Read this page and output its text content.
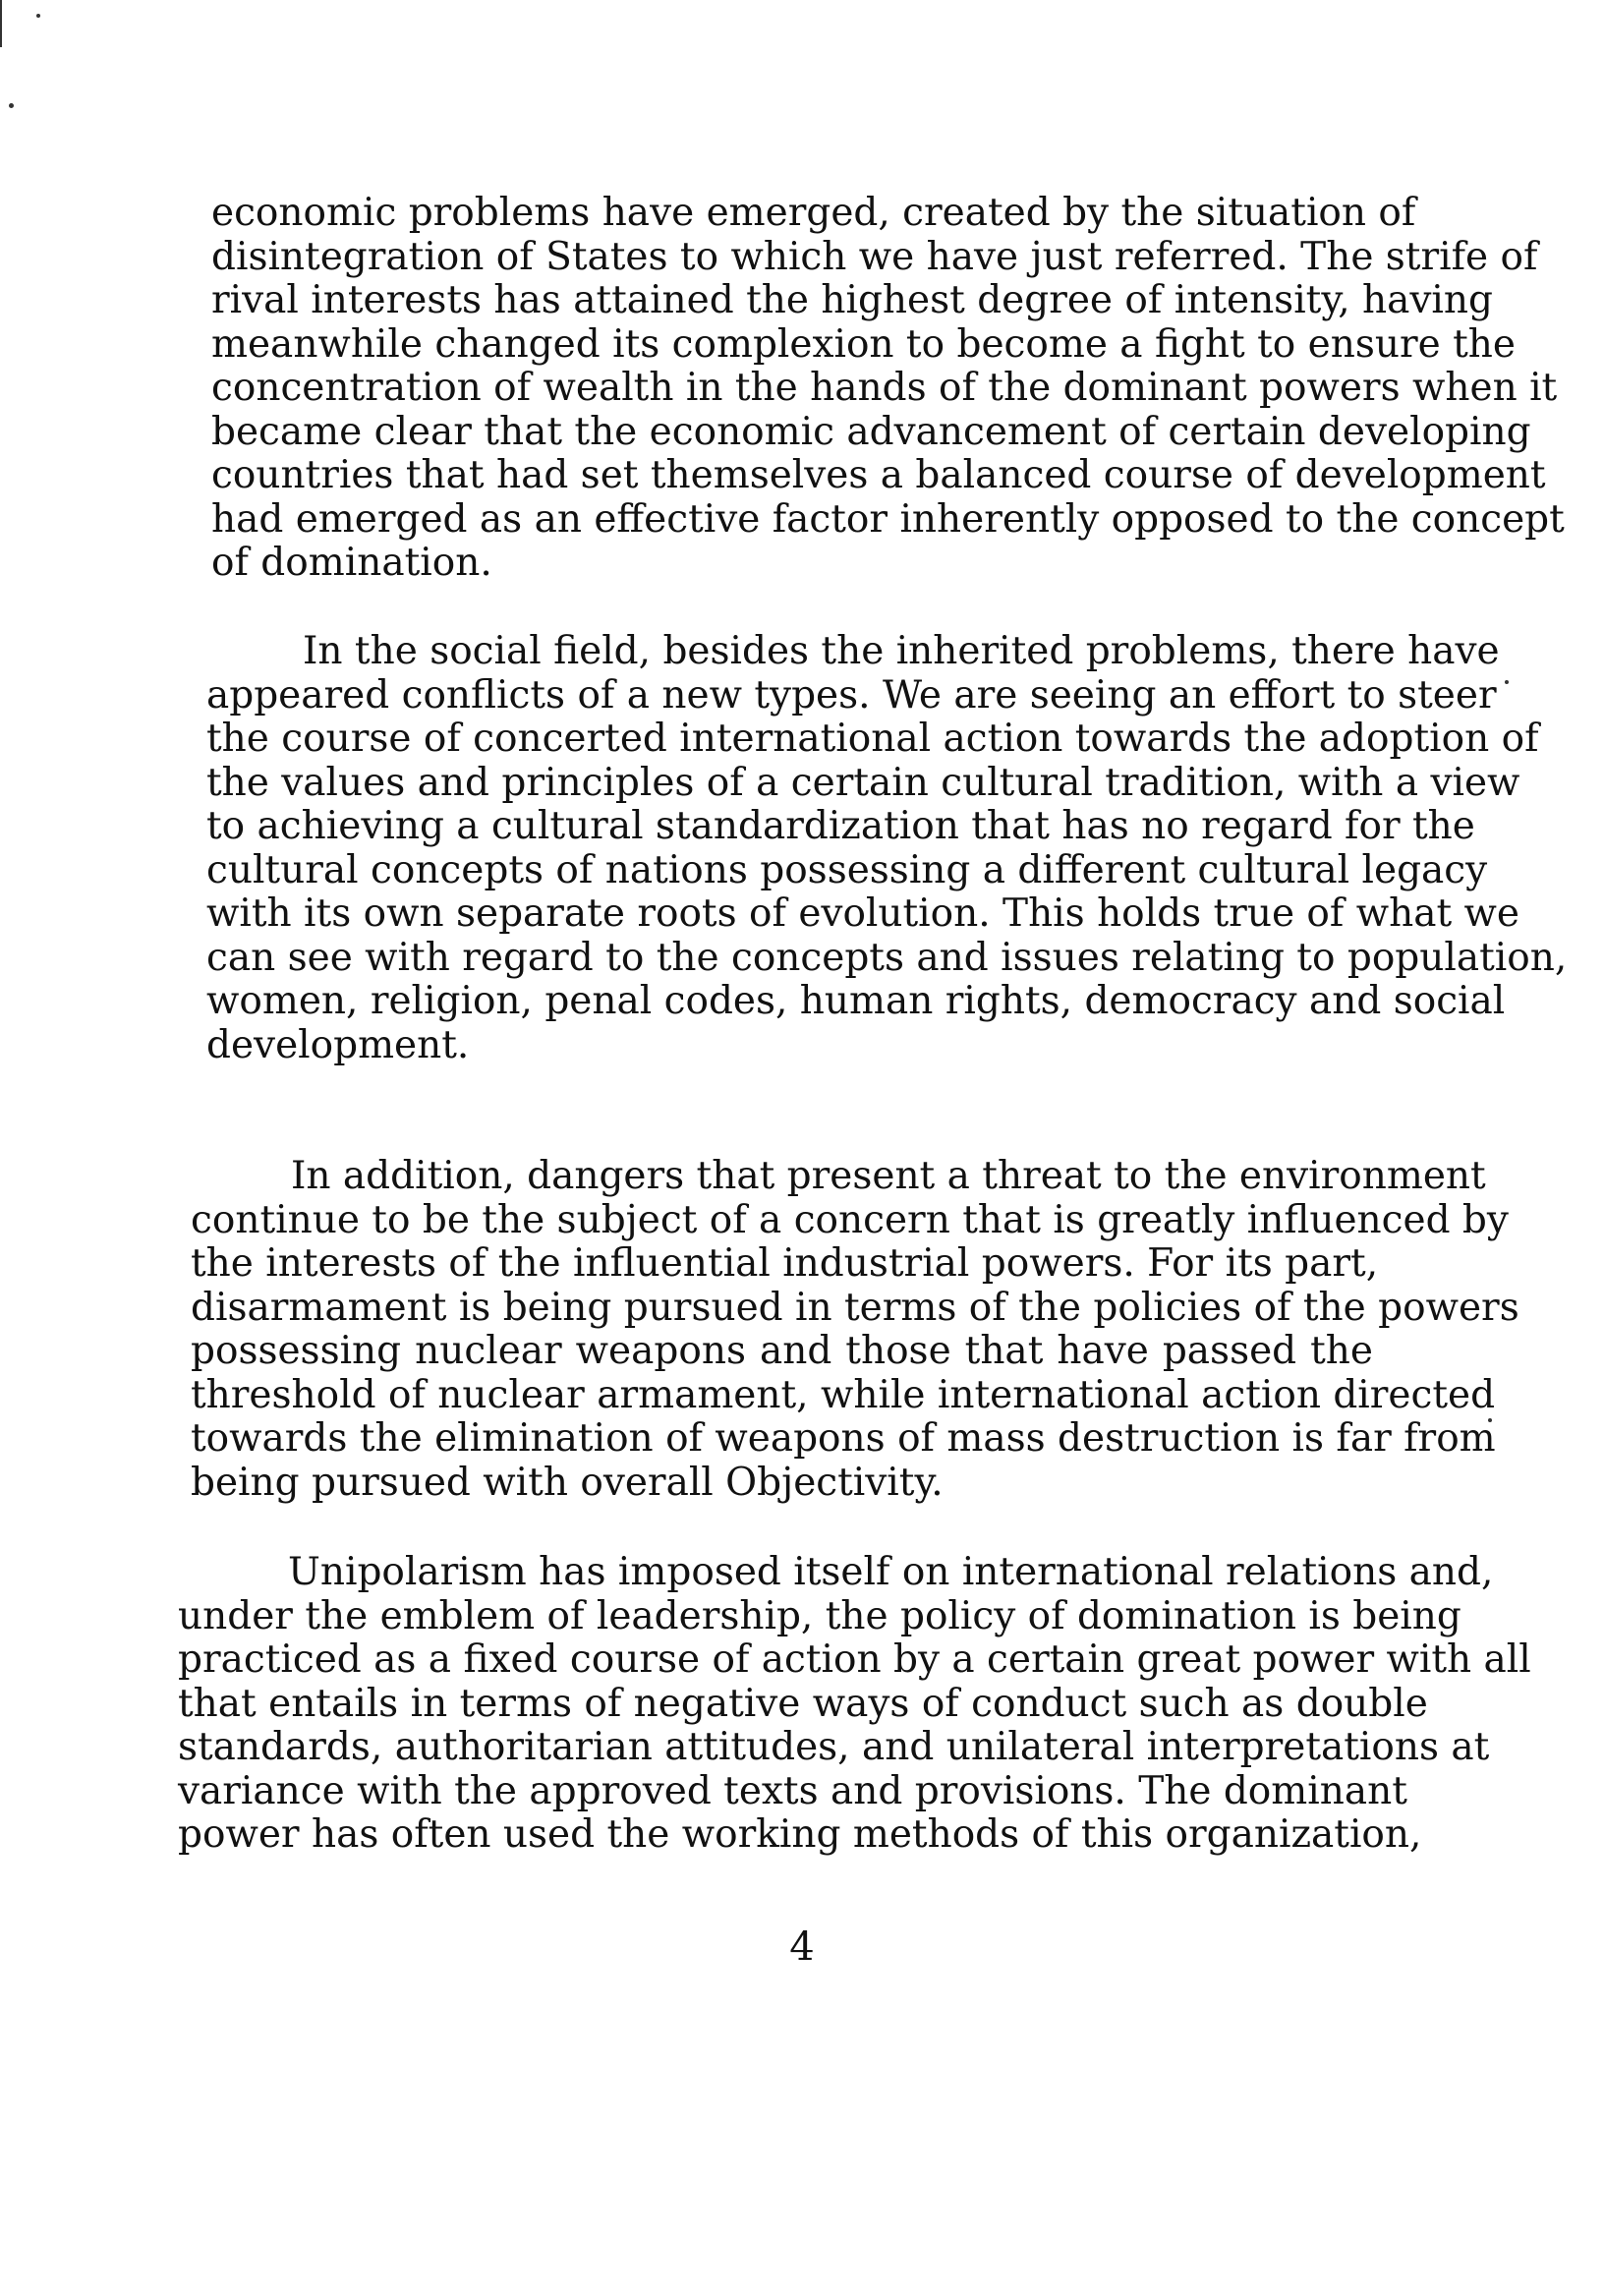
economic problems have emerged, created by the situation of
disintegration of States to which we have just referred. The strife of
rival interests has attained the highest degree of intensity, having
meanwhile changed its complexion to become a fight to ensure the
concentration of wealth in the hands of the dominant powers when it
became clear that the economic advancement of certain developing
countries that had set themselves a balanced course of development
had emerged as an effective factor inherently opposed to the concept
of domination.
In the social field, besides the inherited problems, there have
appeared conflicts of a new types. We are seeing an effort to steer
the course of concerted international action towards the adoption of
the values and principles of a certain cultural tradition, with a view
to achieving a cultural standardization that has no regard for the
cultural concepts of nations possessing a different cultural legacy
with its own separate roots of evolution. This holds true of what we
can see with regard to the concepts and issues relating to population,
women, religion, penal codes, human rights, democracy and social
development.
In addition, dangers that present a threat to the environment
continue to be the subject of a concern that is greatly influenced by
the interests of the influential industrial powers. For its part,
disarmament is being pursued in terms of the policies of the powers
possessing nuclear weapons and those that have passed the
threshold of nuclear armament, while international action directed
towards the elimination of weapons of mass destruction is far from
being pursued with overall Objectivity.
Unipolarism has imposed itself on international relations and,
under the emblem of leadership, the policy of domination is being
practiced as a fixed course of action by a certain great power with all
that entails in terms of negative ways of conduct such as double
standards, authoritarian attitudes, and unilateral interpretations at
variance with the approved texts and provisions. The dominant
power has often used the working methods of this organization,
4
